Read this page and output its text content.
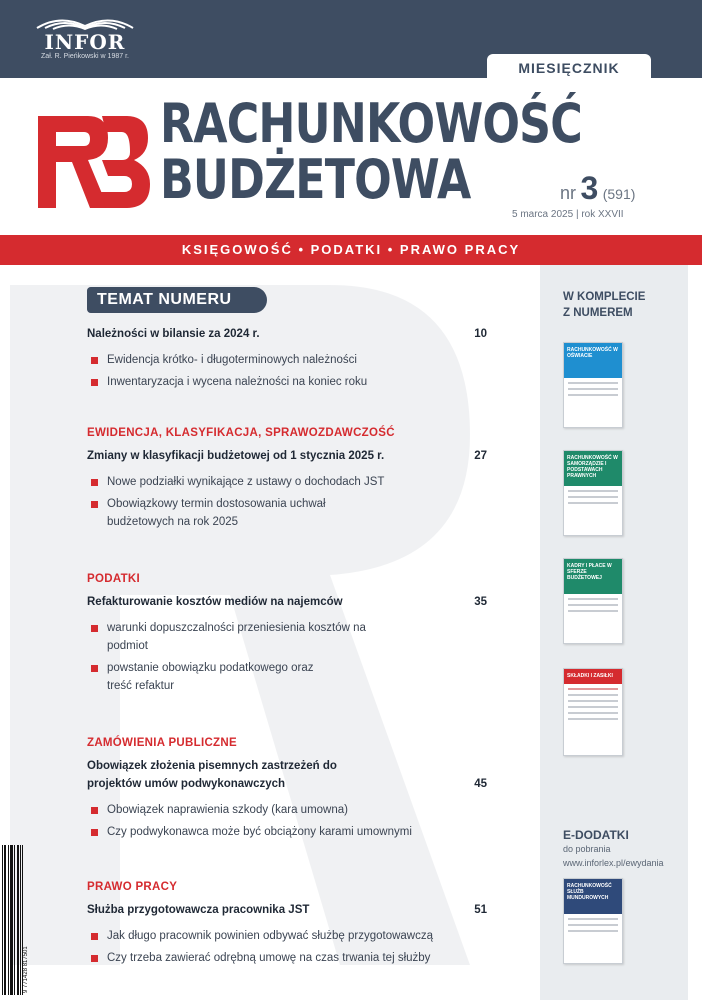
INFOR
Zał. R. Pieńkowski w 1987 r.
MIESIĘCZNIK
RACHUNKOWOŚĆ
BUDŻETOWA	nr 3 (591)
5 marca 2025 | rok XXVII
KSIĘGOWOŚĆ • PODATKI • PRAWO PRACY
TEMAT NUMERU
Należności w bilansie za 2024 r.	10
Ewidencja krótko- i długoterminowych należności
Inwentaryzacja i wycena należności na koniec roku
EWIDENCJA, KLASYFIKACJA, SPRAWOZDAWCZOŚĆ
Zmiany w klasyfikacji budżetowej od 1 stycznia 2025 r.	27
Nowe podziałki wynikające z ustawy o dochodach JST
Obowiązkowy termin dostosowania uchwał budżetowych na rok 2025
PODATKI
Refakturowanie kosztów mediów na najemców	35
warunki dopuszczalności przeniesienia kosztów na podmiot
powstanie obowiązku podatkowego oraz treść refaktur
ZAMÓWIENIA PUBLICZNE
Obowiązek złożenia pisemnych zastrzeżeń do projektów umów podwykonawczych	45
Obowiązek naprawienia szkody (kara umowna)
Czy podwykonawca może być obciążony karami umownymi
PRAWO PRACY
Służba przygotowawcza pracownika JST	51
Jak długo pracownik powinien odbywać służbę przygotowawczą
Czy trzeba zawierać odrębną umowę na czas trwania tej służby
W KOMPLECIE Z NUMEREM
RACHUNKOWOŚĆ W OŚWIACIE
RACHUNKOWOŚĆ W SAMORZĄDZIE I PODSTAWACH PRAWNYCH
KADRY I PŁACE W SFERZE BUDŻETOWEJ
SKŁADKI I ZASIŁKI
E-DODATKI
do pobrania
www.inforlex.pl/ewydania
RACHUNKOWOŚĆ SŁUŻB MUNDUROWYCH
9 771428 817501
